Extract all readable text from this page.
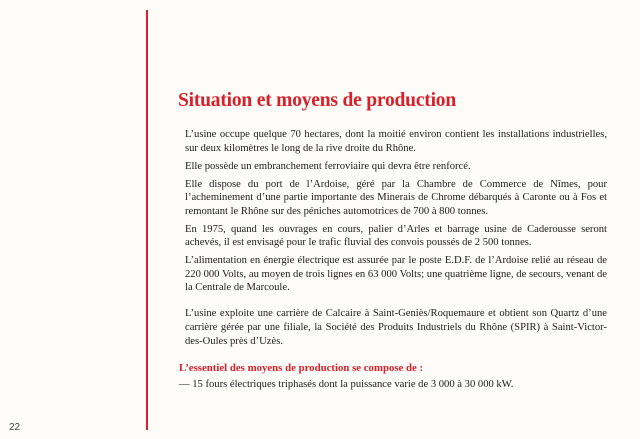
Situation et moyens de production

L’usine occupe quelque 70 hectares, dont la moitié environ contient les installations industrielles, sur deux kilomètres le long de la rive droite du Rhône.

Elle possède un embranchement ferroviaire qui devra être renforcé.

Elle dispose du port de l’Ardoise, géré par la Chambre de Commerce de Nîmes, pour l’acheminement d’une partie importante des Minerais de Chrome débarqués à Caronte ou à Fos et remontant le Rhône sur des péniches automotrices de 700 à 800 tonnes.

En 1975, quand les ouvrages en cours, palier d’Arles et barrage usine de Caderousse seront achevés, il est envisagé pour le trafic fluvial des convois poussés de 2 500 tonnes.

L’alimentation en énergie électrique est assurée par le poste E.D.F. de l’Ardoise relié au réseau de 220 000 Volts, au moyen de trois lignes en 63 000 Volts; une quatrième ligne, de secours, venant de la Centrale de Marcoule.

L’usine exploite une carrière de Calcaire à Saint-Geniès/Roquemaure et obtient son Quartz d’une carrière gérée par une filiale, la Société des Produits Industriels du Rhône (SPIR) à Saint-Victor-des-Oules près d’Uzès.

L’essentiel des moyens de production se compose de :
— 15 fours électriques triphasés dont la puissance varie de 3 000 à 30 000 kW.
22
